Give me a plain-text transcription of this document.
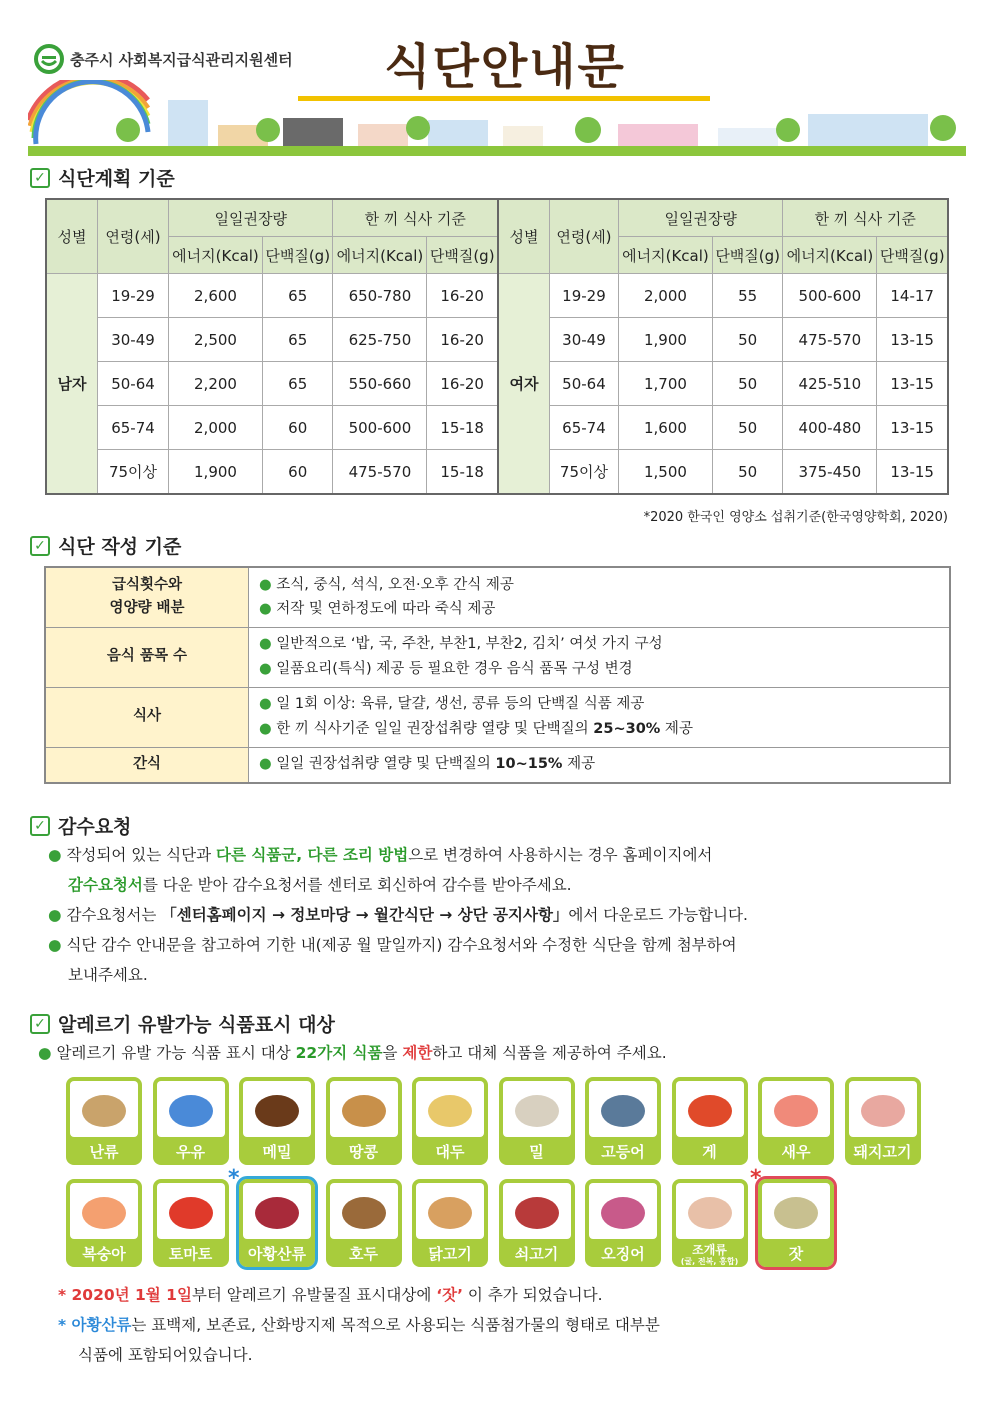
충주시 사회복지급식관리지원센터	식단안내문
✓ 식단계획 기준
성별	연령(세)	일일권장량		한 끼 식사 기준		성별	연령(세)	일일권장량		한 끼 식사 기준	
		에너지(Kcal)	단백질(g)	에너지(Kcal)	단백질(g)			에너지(Kcal)	단백질(g)	에너지(Kcal)	단백질(g)
남자	19-29	2,600	65	650-780	16-20	여자	19-29	2,000	55	500-600	14-17
	30-49	2,500	65	625-750	16-20		30-49	1,900	50	475-570	13-15
	50-64	2,200	65	550-660	16-20		50-64	1,700	50	425-510	13-15
	65-74	2,000	60	500-600	15-18		65-74	1,600	50	400-480	13-15
	75이상	1,900	60	475-570	15-18		75이상	1,500	50	375-450	13-15
*2020 한국인 영양소 섭취기준(한국영양학회, 2020)
✓ 식단 작성 기준
급식횟수와
영양량 배분	● 조식, 중식, 석식, 오전·오후 간식 제공
● 저작 및 연하정도에 따라 죽식 제공
음식 품목 수	● 일반적으로 ‘밥, 국, 주찬, 부찬1, 부찬2, 김치’ 여섯 가지 구성
● 일품요리(특식) 제공 등 필요한 경우 음식 품목 구성 변경
식사	● 일 1회 이상: 육류, 달걀, 생선, 콩류 등의 단백질 식품 제공
● 한 끼 식사기준 일일 권장섭취량 열량 및 단백질의 25~30% 제공
간식	● 일일 권장섭취량 열량 및 단백질의 10~15% 제공
✓ 감수요청

● 작성되어 있는 식단과 다른 식품군, 다른 조리 방법으로 변경하여 사용하시는 경우 홈페이지에서

감수요청서를 다운 받아 감수요청서를 센터로 회신하여 감수를 받아주세요.

● 감수요청서는 「센터홈페이지 → 정보마당 → 월간식단 → 상단 공지사항」에서 다운로드 가능합니다.

● 식단 감수 안내문을 참고하여 기한 내(제공 월 말일까지) 감수요청서와 수정한 식단을 함께 첨부하여

보내주세요.

✓ 알레르기 유발가능 식품표시 대상

● 알레르기 유발 가능 식품 표시 대상 22가지 식품을 제한하고 대체 식품을 제공하여 주세요.

난류	우유	메밀	땅콩	대두	밀	고등어	게	새우	돼지고기
복숭아	토마토 아황산류	호두	닭고기	쇠고기	오징어	조개류
(굴, 전복, 홍합)	잣
*	*

* 2020년 1월 1일부터 알레르기 유발물질 표시대상에 ‘잣’ 이 추가 되었습니다.

* 아황산류는 표백제, 보존료, 산화방지제 목적으로 사용되는 식품첨가물의 형태로 대부분

식품에 포함되어있습니다.
